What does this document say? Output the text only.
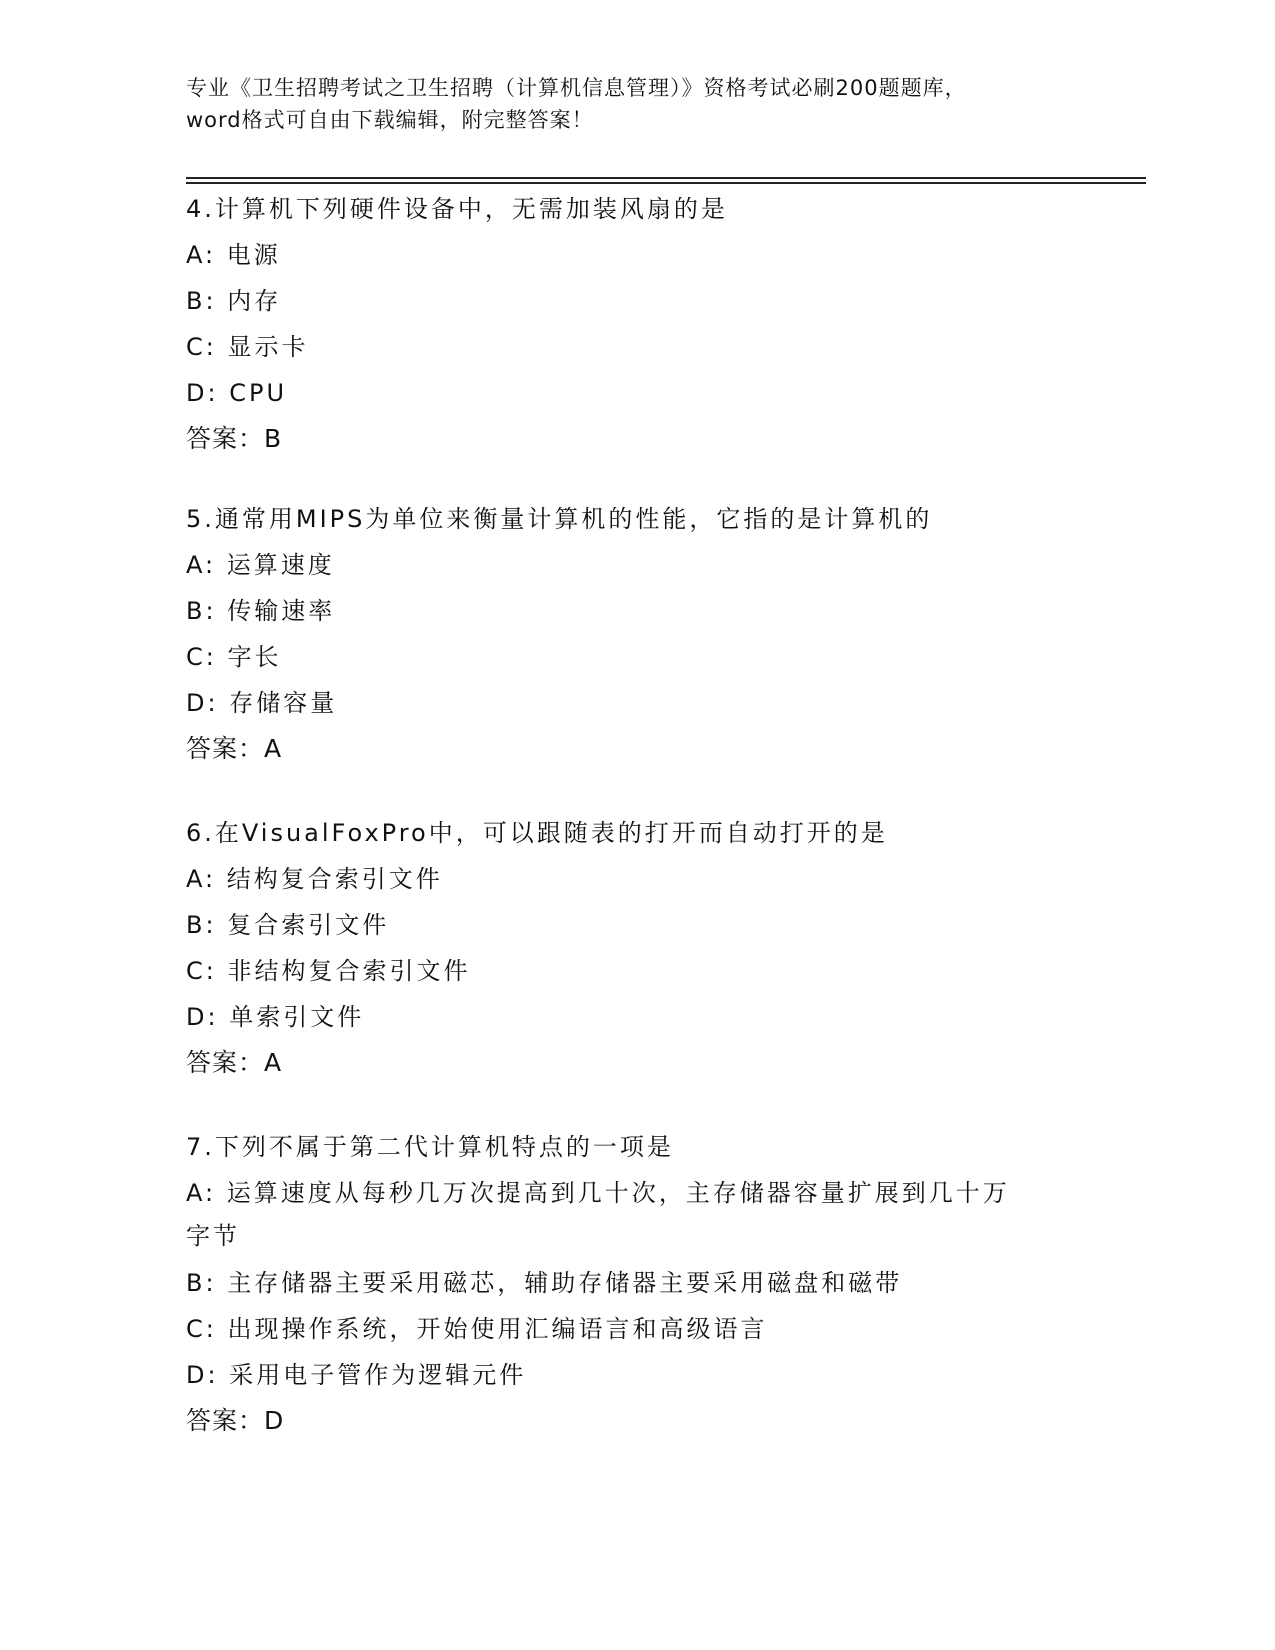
专业《卫生招聘考试之卫生招聘（计算机信息管理）》资格考试必刷200题题库，
word格式可自由下载编辑，附完整答案！
4.计算机下列硬件设备中，无需加装风扇的是
A: 电源
B: 内存
C: 显示卡
D: CPU
答案：B
5.通常用MIPS为单位来衡量计算机的性能，它指的是计算机的
A: 运算速度
B: 传输速率
C: 字长
D: 存储容量
答案：A
6.在VisualFoxPro中，可以跟随表的打开而自动打开的是
A: 结构复合索引文件
B: 复合索引文件
C: 非结构复合索引文件
D: 单索引文件
答案：A
7.下列不属于第二代计算机特点的一项是
A: 运算速度从每秒几万次提高到几十次，主存储器容量扩展到几十万
字节
B: 主存储器主要采用磁芯，辅助存储器主要采用磁盘和磁带
C: 出现操作系统，开始使用汇编语言和高级语言
D: 采用电子管作为逻辑元件
答案：D
